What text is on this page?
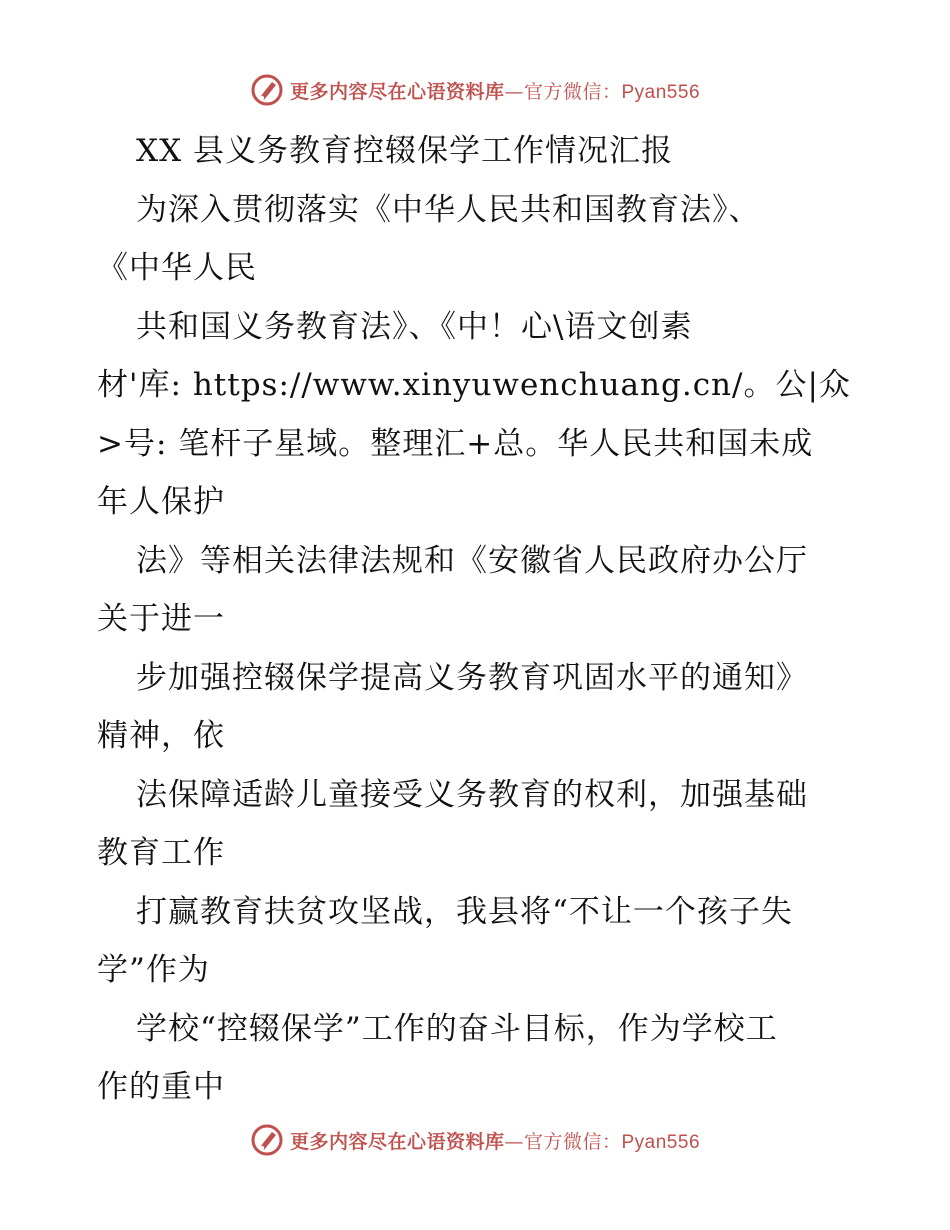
更多内容尽在心语资料库—官方微信：Pyan556
XX 县义务教育控辍保学工作情况汇报
为深入贯彻落实《中华人民共和国教育法》、
《中华人民
共和国义务教育法》、《中！心\语文创素
材'库: https://www.xinyuwenchuang.cn/。公|众
>号: 笔杆子星域。整理汇+总。华人民共和国未成
年人保护
法》等相关法律法规和《安徽省人民政府办公厅
关于进一
步加强控辍保学提高义务教育巩固水平的通知》
精神，依
法保障适龄儿童接受义务教育的权利，加强基础
教育工作
打赢教育扶贫攻坚战，我县将“不让一个孩子失
学”作为
学校“控辍保学”工作的奋斗目标，作为学校工
作的重中
更多内容尽在心语资料库—官方微信：Pyan556
